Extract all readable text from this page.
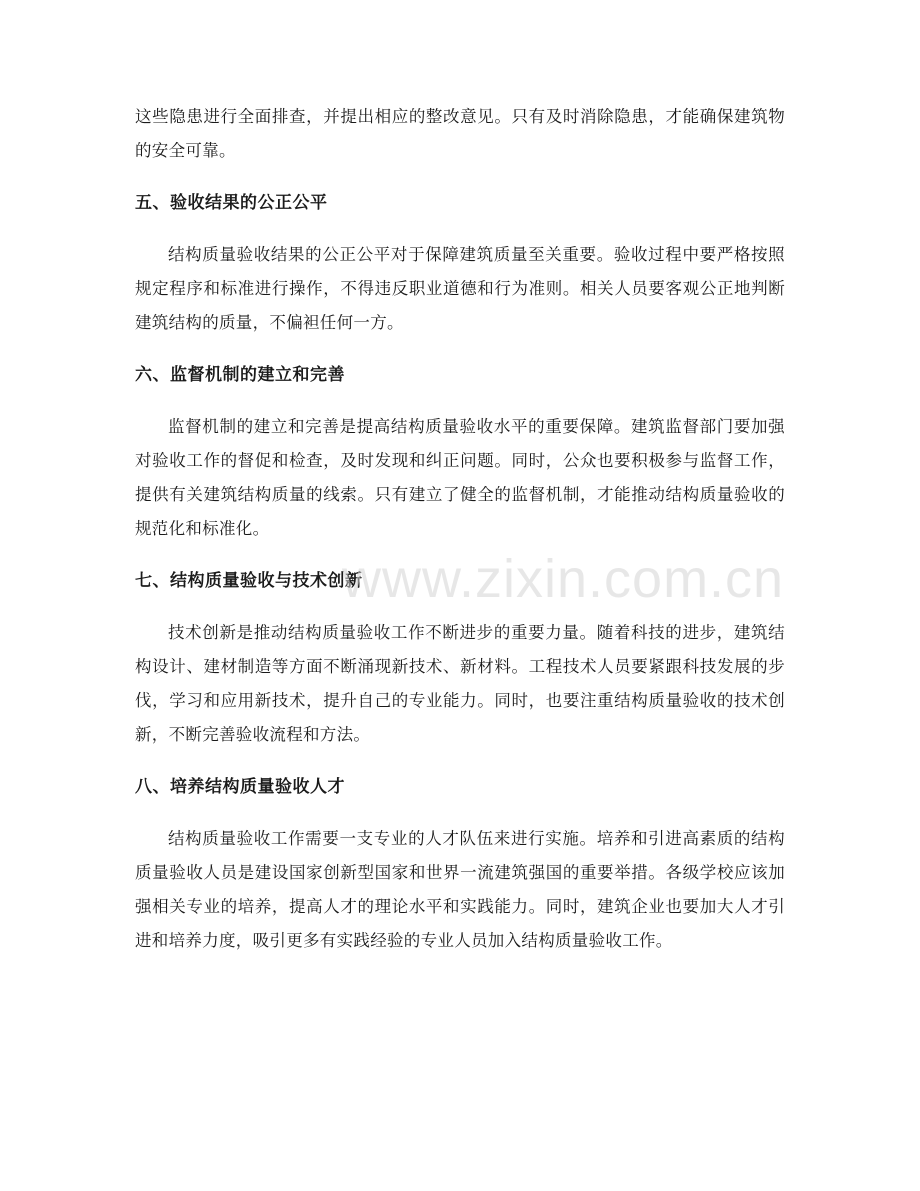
这些隐患进行全面排查，并提出相应的整改意见。只有及时消除隐患，才能确保建筑物的安全可靠。

五、验收结果的公正公平

结构质量验收结果的公正公平对于保障建筑质量至关重要。验收过程中要严格按照规定程序和标准进行操作，不得违反职业道德和行为准则。相关人员要客观公正地判断建筑结构的质量，不偏袒任何一方。

六、监督机制的建立和完善

监督机制的建立和完善是提高结构质量验收水平的重要保障。建筑监督部门要加强对验收工作的督促和检查，及时发现和纠正问题。同时，公众也要积极参与监督工作，提供有关建筑结构质量的线索。只有建立了健全的监督机制，才能推动结构质量验收的规范化和标准化。

七、结构质量验收与技术创新

技术创新是推动结构质量验收工作不断进步的重要力量。随着科技的进步，建筑结构设计、建材制造等方面不断涌现新技术、新材料。工程技术人员要紧跟科技发展的步伐，学习和应用新技术，提升自己的专业能力。同时，也要注重结构质量验收的技术创新，不断完善验收流程和方法。

八、培养结构质量验收人才

结构质量验收工作需要一支专业的人才队伍来进行实施。培养和引进高素质的结构质量验收人员是建设国家创新型国家和世界一流建筑强国的重要举措。各级学校应该加强相关专业的培养，提高人才的理论水平和实践能力。同时，建筑企业也要加大人才引进和培养力度，吸引更多有实践经验的专业人员加入结构质量验收工作。

www.zixin.com.cn
